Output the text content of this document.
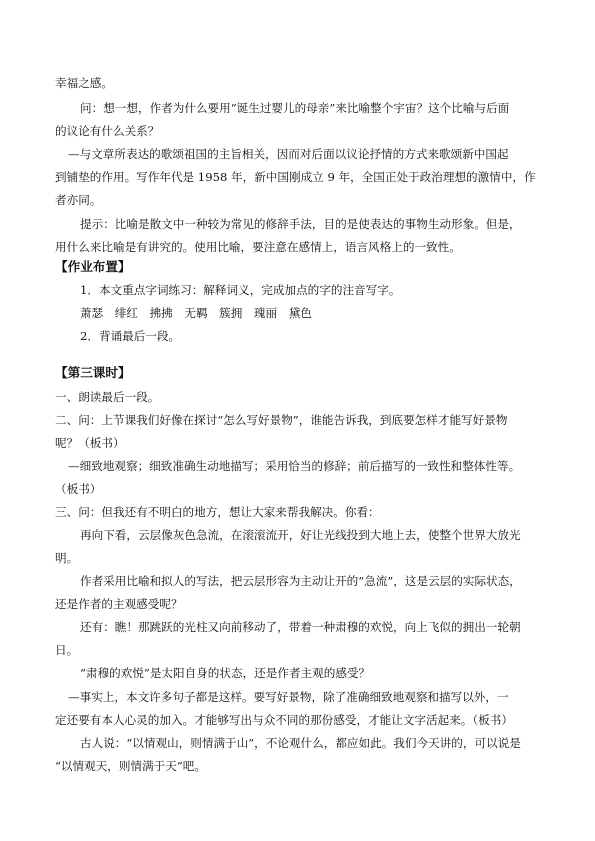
幸福之感。
问：想一想，作者为什么要用“诞生过婴儿的母亲”来比喻整个宇宙？这个比喻与后面
的议论有什么关系？
—与文章所表达的歌颂祖国的主旨相关，因而对后面以议论抒情的方式来歌颂新中国起
到铺垫的作用。写作年代是 1958 年，新中国刚成立 9 年，全国正处于政治理想的激情中，作
者亦同。
提示：比喻是散文中一种较为常见的修辞手法，目的是使表达的事物生动形象。但是，
用什么来比喻是有讲究的。使用比喻，要注意在感情上，语言风格上的一致性。
【作业布置】
1．本文重点字词练习：解释词义，完成加点的字的注音写字。
萧瑟　绯红　拂拂　无羁　簇拥　瑰丽　黛色
2．背诵最后一段。
【第三课时】
一、朗读最后一段。
二、问：上节课我们好像在探讨“怎么写好景物”，谁能告诉我，到底要怎样才能写好景物
呢？（板书）
—细致地观察；细致准确生动地描写；采用恰当的修辞；前后描写的一致性和整体性等。
（板书）
三、问：但我还有不明白的地方，想让大家来帮我解决。你看：
再向下看，云层像灰色急流，在滚滚流开，好让光线投到大地上去，使整个世界大放光
明。
作者采用比喻和拟人的写法，把云层形容为主动让开的“急流”，这是云层的实际状态，
还是作者的主观感受呢？
还有：瞧！那跳跃的光柱又向前移动了，带着一种肃穆的欢悦，向上飞似的拥出一轮朝
日。
“肃穆的欢悦”是太阳自身的状态，还是作者主观的感受？
—事实上，本文许多句子都是这样。要写好景物，除了准确细致地观察和描写以外，一
定还要有本人心灵的加入。才能够写出与众不同的那份感受，才能让文字活起来。（板书）
古人说：“以情观山，则情满于山”，不论观什么，都应如此。我们今天讲的，可以说是
“以情观天，则情满于天”吧。
